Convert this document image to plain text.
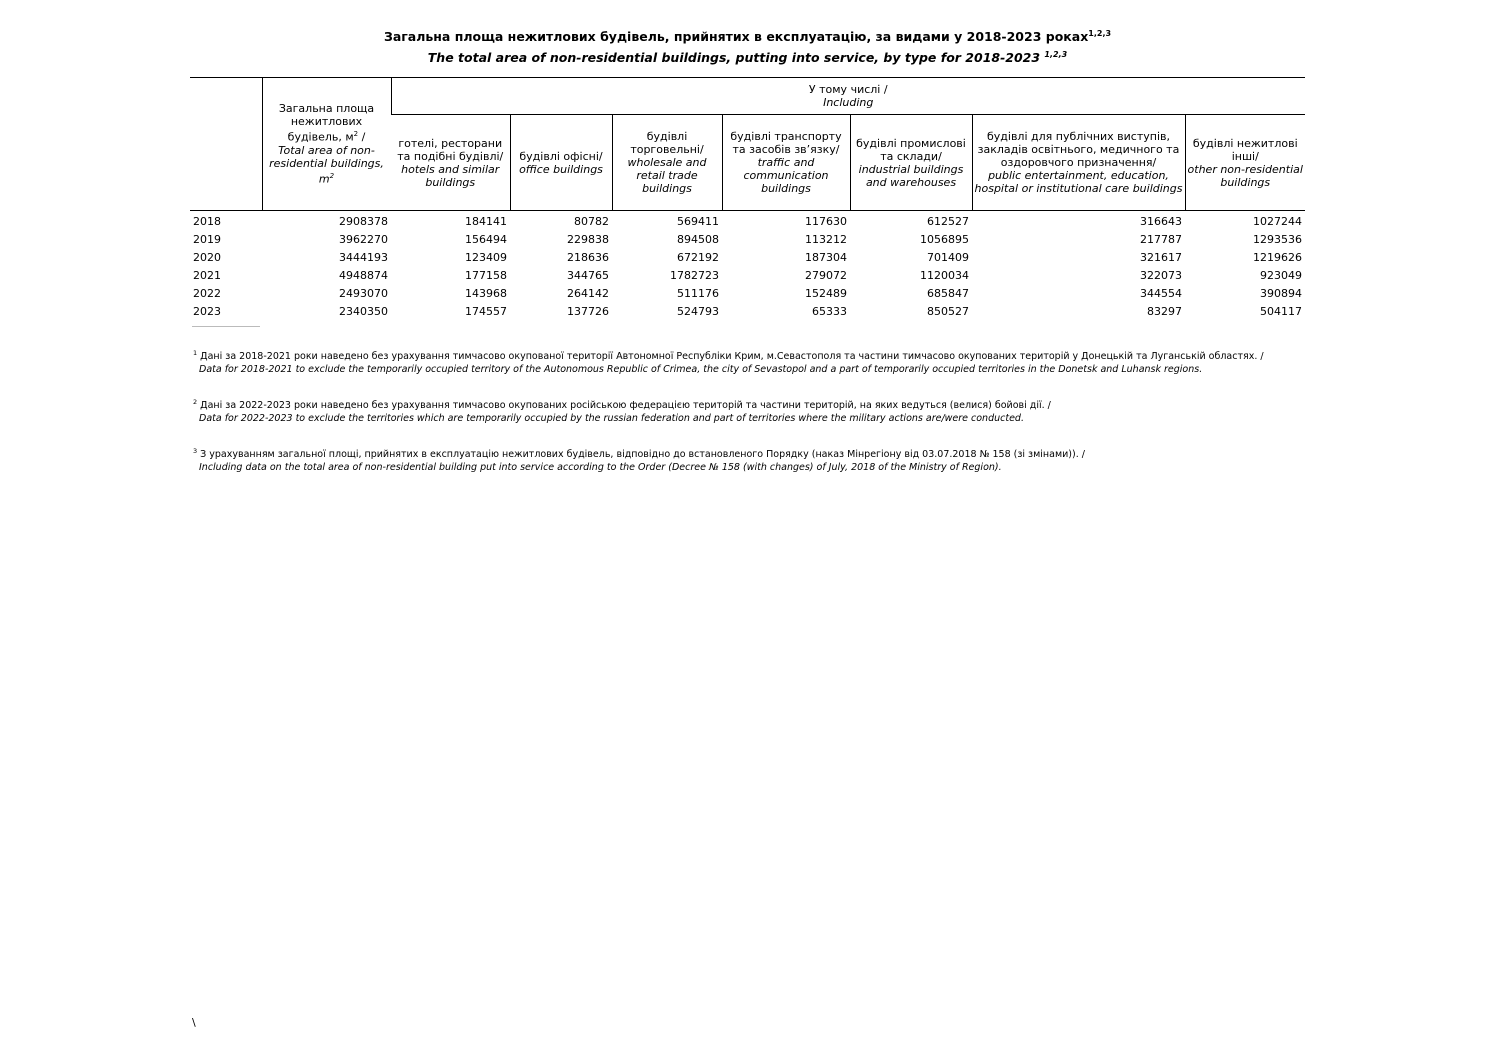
Загальна площа нежитлових будівель, прийнятих в експлуатацію, за видами у 2018-2023 роках$^{1,2,3}$
The total area of non-residential buildings, putting into service, by type for 2018-2023 $^{1,2,3}$
	Загальна площа нежитлових будівель, $м^2$ /
Total area of non-residential buildings, $m^2$	У тому числі /
Including						
		готелі, ресторани та подібні будівлі/
hotels and similar buildings	будівлі офісні/
office buildings	будівлі торговельні/
wholesale and retail trade buildings	будівлі транспорту та засобів зв’язку/
traffic and communication buildings	будівлі промислові та склади/
industrial buildings and warehouses	будівлі для публічних виступів, закладів освітнього, медичного та оздоровчого призначення/
public entertainment, education, hospital or institutional care buildings	будівлі нежитлові інші/
other non-residential buildings
2018	2908378	184141	80782	569411	117630	612527	316643	1027244
2019	3962270	156494	229838	894508	113212	1056895	217787	1293536
2020	3444193	123409	218636	672192	187304	701409	321617	1219626
2021	4948874	177158	344765	1782723	279072	1120034	322073	923049
2022	2493070	143968	264142	511176	152489	685847	344554	390894
2023	2340350	174557	137726	524793	65333	850527	83297	504117
$^1$ Дані за 2018-2021 роки наведено без урахування тимчасово окупованої території Автономної Республіки Крим, м.Севастополя та частини тимчасово окупованих територій у Донецькій та Луганській областях. /
Data for 2018-2021 to exclude the temporarily occupied territory of the Autonomous Republic of Crimea, the city of Sevastopol and a part of temporarily occupied territories in the Donetsk and Luhansk regions.
$^2$ Дані за 2022-2023 роки наведено без урахування тимчасово окупованих російською федерацією територій та частини територій, на яких ведуться (велися) бойові дії. /
Data for 2022-2023 to exclude the territories which are temporarily occupied by the russian federation and part of territories where the military actions are/were conducted.
$^3$ З урахуванням загальної площі, прийнятих в експлуатацію нежитлових будівель, відповідно до встановленого Порядку (наказ Мінрегіону від 03.07.2018 № 158 (зі змінами)). /
Including data on the total area of non-residential building put into service according to the Order (Decree № 158 (with changes) of July, 2018 of the Ministry of Region).
\
